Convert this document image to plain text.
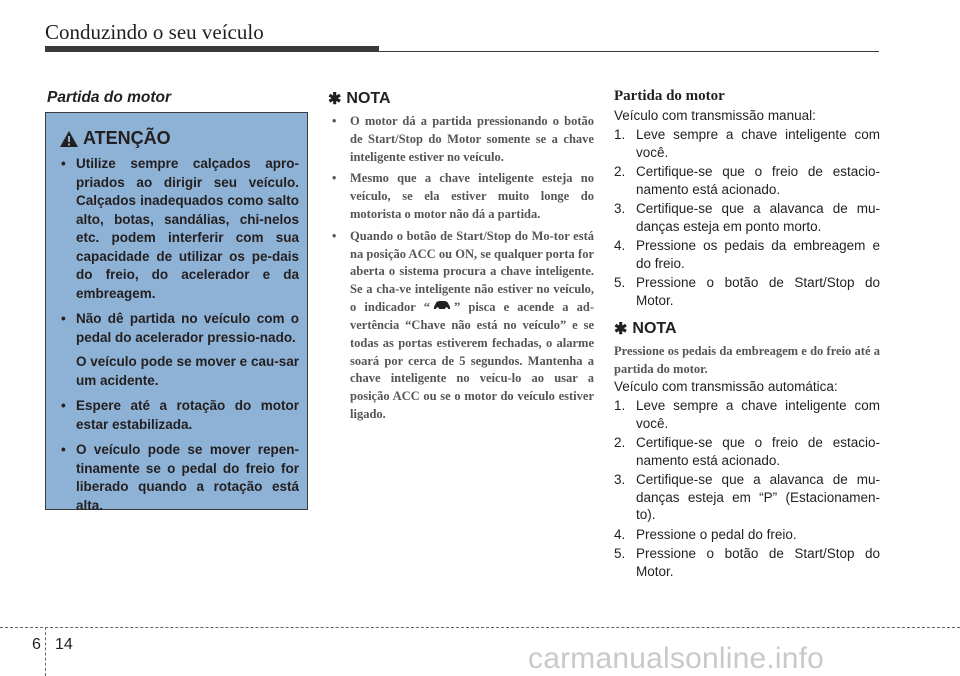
Conduzindo o seu veículo
Partida do motor
ATENÇÃO
• Utilize sempre calçados apro-priados ao dirigir seu veículo. Calçados inadequados como salto alto, botas, sandálias, chi-nelos etc. podem interferir com sua capacidade de utilizar os pe-dais do freio, do acelerador e da embreagem.

• Não dê partida no veículo com o pedal do acelerador pressio-nado.

O veículo pode se mover e cau-sar um acidente.

• Espere até a rotação do motor estar estabilizada.

• O veículo pode se mover repen-tinamente se o pedal do freio for liberado quando a rotação está alta.

✱ NOTA
• O motor dá a partida pressionando o botão de Start/Stop do Motor somente se a chave inteligente estiver no veículo.
• Mesmo que a chave inteligente esteja no veículo, se ela estiver muito longe do motorista o motor não dá a partida.
• Quando o botão de Start/Stop do Mo-tor está na posição ACC ou ON, se qualquer porta for aberta o sistema procura a chave inteligente. Se a cha-ve inteligente não estiver no veículo, o indicador “ ” pisca e acende a ad-vertência “Chave não está no veículo” e se todas as portas estiverem fechadas, o alarme soará por cerca de 5 segundos. Mantenha a chave inteligente no veícu-lo ao usar a posição ACC ou se o motor do veículo estiver ligado.
Partida do motor
Veículo com transmissão manual:
1. Leve sempre a chave inteligente com você.
2. Certifique-se que o freio de estacio-namento está acionado.
3. Certifique-se que a alavanca de mu-danças esteja em ponto morto.
4. Pressione os pedais da embreagem e do freio.
5. Pressione o botão de Start/Stop do Motor.
✱ NOTA
Pressione os pedais da embreagem e do freio até a partida do motor.
Veículo com transmissão automática:
1. Leve sempre a chave inteligente com você.
2. Certifique-se que o freio de estacio-namento está acionado.
3. Certifique-se que a alavanca de mu-danças esteja em “P” (Estacionamen-to).
4. Pressione o pedal do freio.
5. Pressione o botão de Start/Stop do Motor.
6 14	carmanualsonline.info
